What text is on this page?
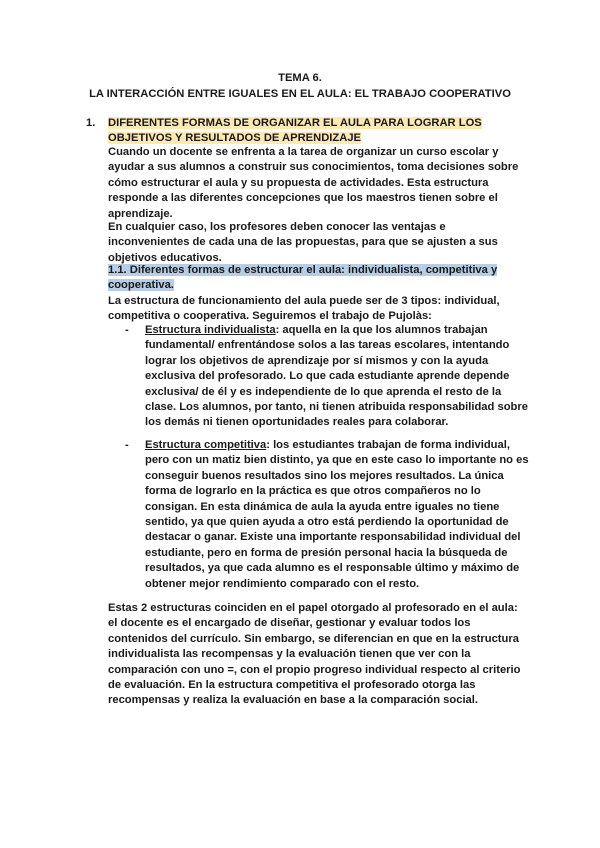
TEMA 6.
LA INTERACCIÓN ENTRE IGUALES EN EL AULA: EL TRABAJO COOPERATIVO
1. DIFERENTES FORMAS DE ORGANIZAR EL AULA PARA LOGRAR LOS OBJETIVOS Y RESULTADOS DE APRENDIZAJE
Cuando un docente se enfrenta a la tarea de organizar un curso escolar y ayudar a sus alumnos a construir sus conocimientos, toma decisiones sobre cómo estructurar el aula y su propuesta de actividades. Esta estructura responde a las diferentes concepciones que los maestros tienen sobre el aprendizaje.
En cualquier caso, los profesores deben conocer las ventajas e inconvenientes de cada una de las propuestas, para que se ajusten a sus objetivos educativos.
1.1. Diferentes formas de estructurar el aula: individualista, competitiva y cooperativa.
La estructura de funcionamiento del aula puede ser de 3 tipos: individual, competitiva o cooperativa. Seguiremos el trabajo de Pujolàs:
- Estructura individualista: aquella en la que los alumnos trabajan fundamental/ enfrentándose solos a las tareas escolares, intentando lograr los objetivos de aprendizaje por sí mismos y con la ayuda exclusiva del profesorado. Lo que cada estudiante aprende depende exclusiva/ de él y es independiente de lo que aprenda el resto de la clase. Los alumnos, por tanto, ni tienen atribuida responsabilidad sobre los demás ni tienen oportunidades reales para colaborar.
- Estructura competitiva: los estudiantes trabajan de forma individual, pero con un matiz bien distinto, ya que en este caso lo importante no es conseguir buenos resultados sino los mejores resultados. La única forma de lograrlo en la práctica es que otros compañeros no lo consigan. En esta dinámica de aula la ayuda entre iguales no tiene sentido, ya que quien ayuda a otro está perdiendo la oportunidad de destacar o ganar. Existe una importante responsabilidad individual del estudiante, pero en forma de presión personal hacia la búsqueda de resultados, ya que cada alumno es el responsable último y máximo de obtener mejor rendimiento comparado con el resto.
Estas 2 estructuras coinciden en el papel otorgado al profesorado en el aula: el docente es el encargado de diseñar, gestionar y evaluar todos los contenidos del currículo. Sin embargo, se diferencian en que en la estructura individualista las recompensas y la evaluación tienen que ver con la comparación con uno =, con el propio progreso individual respecto al criterio de evaluación. En la estructura competitiva el profesorado otorga las recompensas y realiza la evaluación en base a la comparación social.
